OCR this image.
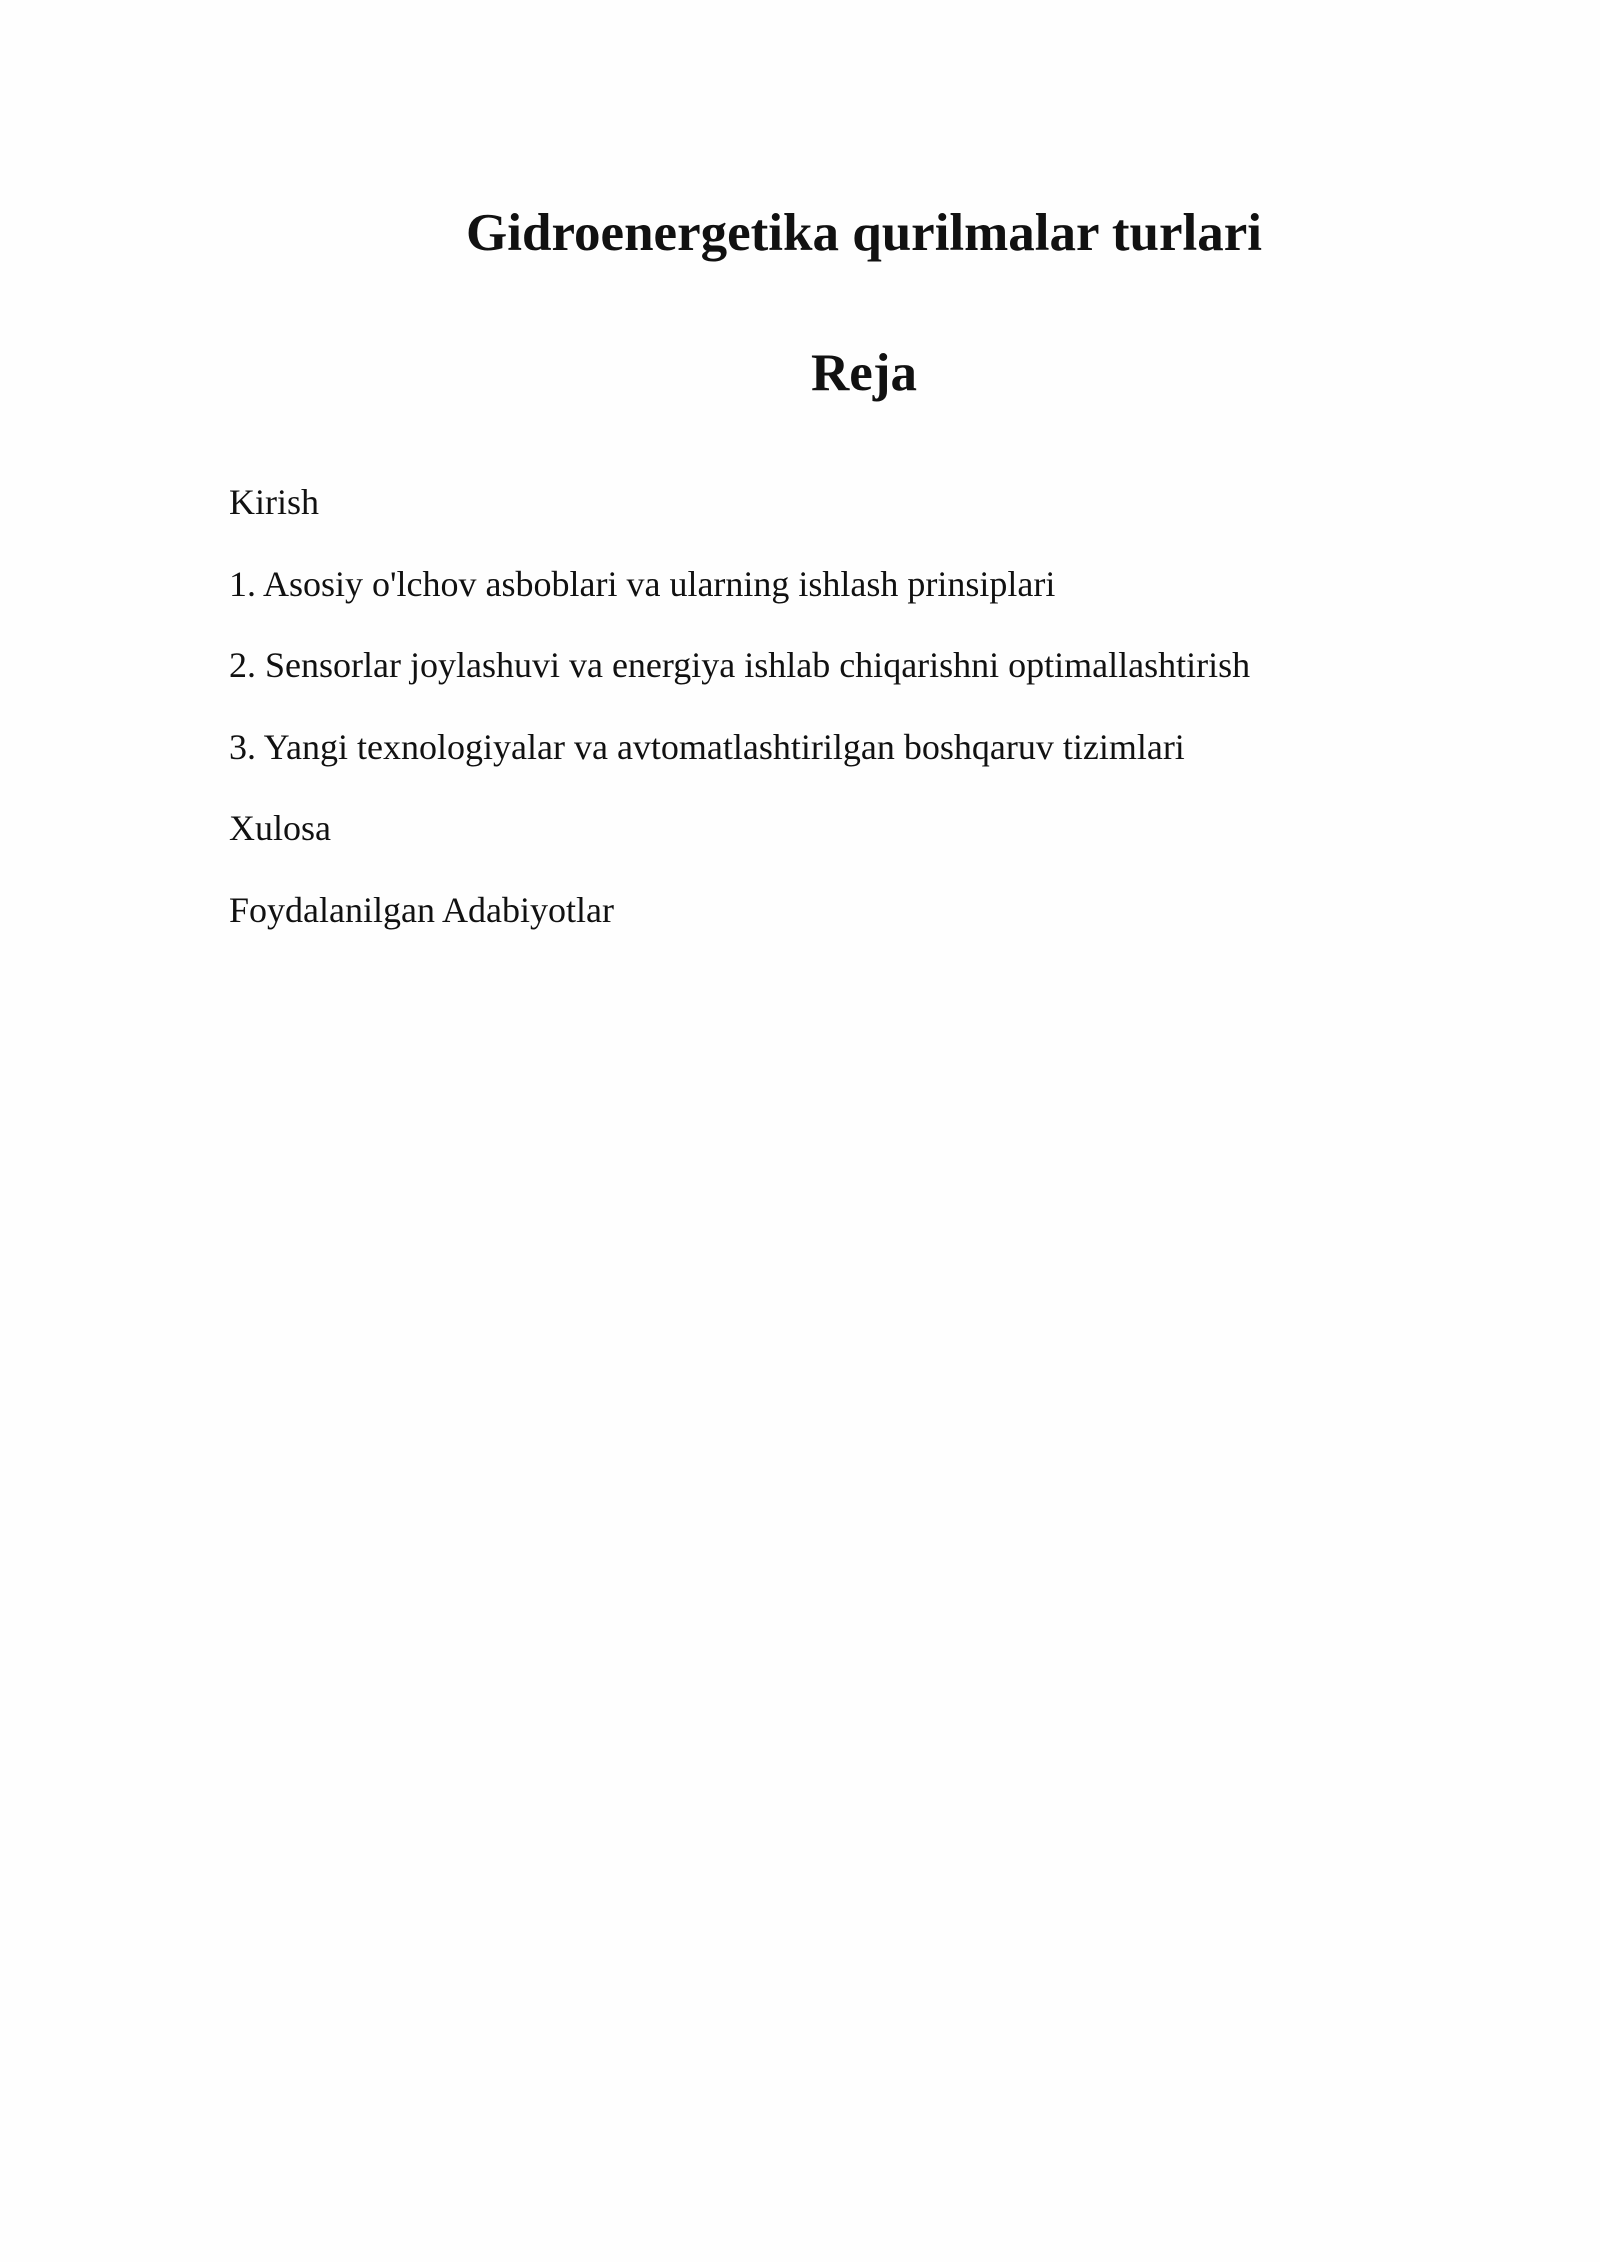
Gidroenergetika qurilmalar turlari
Reja
Kirish
1. Asosiy o'lchov asboblari va ularning ishlash prinsiplari
2. Sensorlar joylashuvi va energiya ishlab chiqarishni optimallashtirish
3. Yangi texnologiyalar va avtomatlashtirilgan boshqaruv tizimlari
Xulosa
Foydalanilgan Adabiyotlar
